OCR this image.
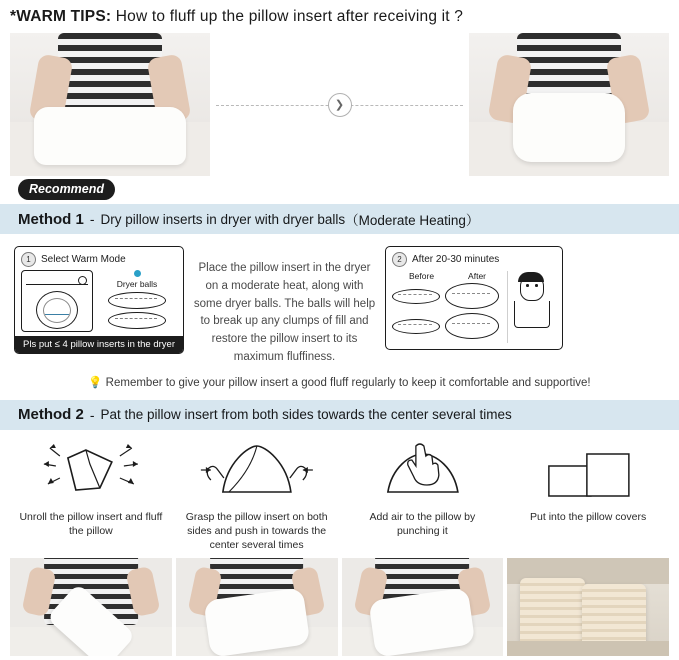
*WARM TIPS: How to fluff up the pillow insert after receiving it ?
❯
Recommend
Method 1 - Dry pillow inserts in dryer with dryer balls （Moderate Heating）
1	Select Warm Mode
Dryer balls
Pls put ≤ 4 pillow inserts in the dryer
Place the pillow insert in the dryer on a moderate heat, along with some dryer balls. The balls will help to break up any clumps of fill and restore the pillow insert to its maximum fluffiness.
2	After 20-30 minutes
Before	After
💡 Remember to give your pillow insert a good fluff regularly to keep it comfortable and supportive!
Method 2 - Pat the pillow insert from both sides towards the center several times
Unroll the pillow insert and fluff the pillow
Grasp the pillow insert on both sides and push in towards the center several times
Add air to the pillow by punching it
Put into the pillow covers
